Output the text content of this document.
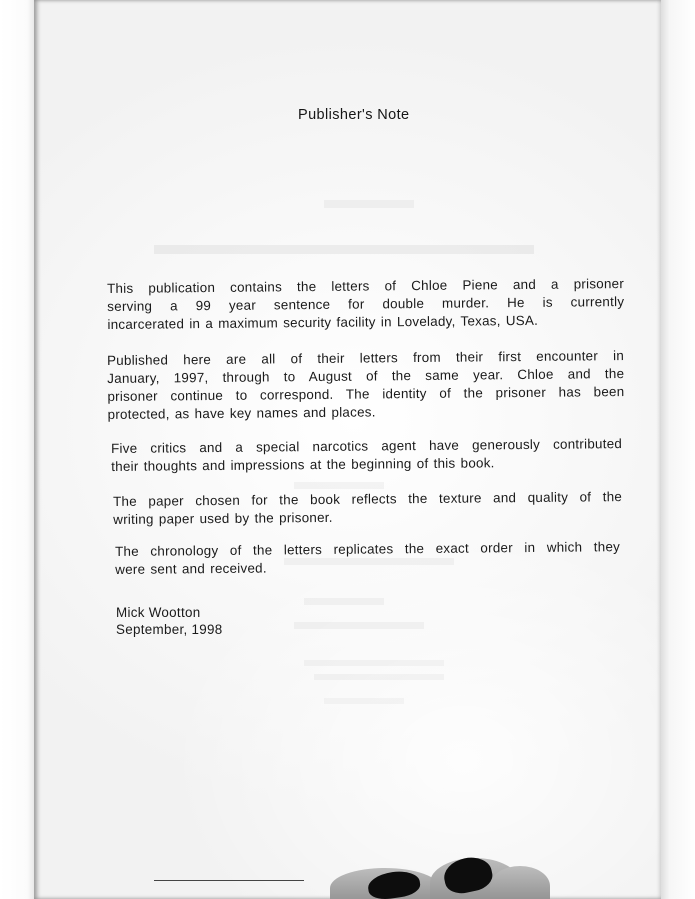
Publisher's Note
This publication contains the letters of Chloe Piene and a prisoner
serving a 99 year sentence for double murder. He is currently
incarcerated in a maximum security facility in Lovelady, Texas, USA.
Published here are all of their letters from their first encounter in
January, 1997, through to August of the same year. Chloe and the
prisoner continue to correspond. The identity of the prisoner has been
protected, as have key names and places.
Five critics and a special narcotics agent have generously contributed
their thoughts and impressions at the beginning of this book.
The paper chosen for the book reflects the texture and quality of the
writing paper used by the prisoner.
The chronology of the letters replicates the exact order in which they
were sent and received.
Mick Wootton
September, 1998
